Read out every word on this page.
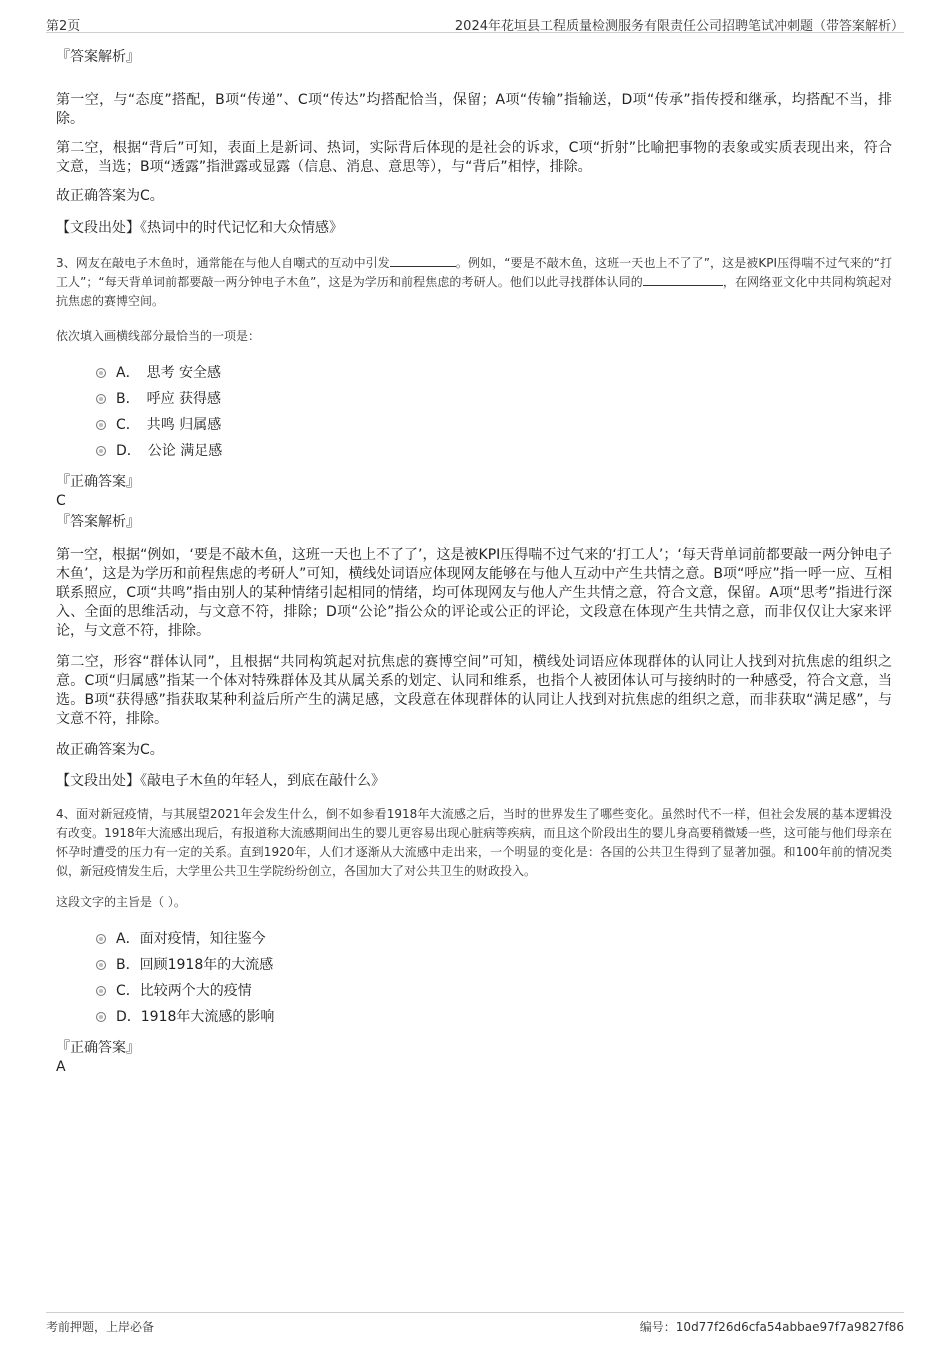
第2页	2024年花垣县工程质量检测服务有限责任公司招聘笔试冲刺题（带答案解析）
『答案解析』

第一空，与“态度”搭配，B项“传递”、C项“传达”均搭配恰当，保留；A项“传输”指输送，D项“传承”指传授和继承，均搭配不当，排除。

第二空，根据“背后”可知，表面上是新词、热词，实际背后体现的是社会的诉求，C项“折射”比喻把事物的表象或实质表现出来，符合文意，当选；B项“透露”指泄露或显露（信息、消息、意思等），与“背后”相悖，排除。

故正确答案为C。

【文段出处】《热词中的时代记忆和大众情感》

3、网友在敲电子木鱼时，通常能在与他人自嘲式的互动中引发	。例如，“要是不敲木鱼，这班一天也上不了了”，这是被KPI压得喘不过气来的“打工人”；“每天背单词前都要敲一两分钟电子木鱼”，这是为学历和前程焦虑的考研人。他们以此寻找群体认同的	，在网络亚文化中共同构筑起对抗焦虑的赛博空间。

依次填入画横线部分最恰当的一项是：

A．　思考 安全感
B．　呼应 获得感
C．　共鸣 归属感
D．　公论 满足感
『正确答案』
C
『答案解析』

第一空，根据“例如，‘要是不敲木鱼，这班一天也上不了了’，这是被KPI压得喘不过气来的‘打工人’；‘每天背单词前都要敲一两分钟电子木鱼’，这是为学历和前程焦虑的考研人”可知，横线处词语应体现网友能够在与他人互动中产生共情之意。B项“呼应”指一呼一应、互相联系照应，C项“共鸣”指由别人的某种情绪引起相同的情绪，均可体现网友与他人产生共情之意，符合文意，保留。A项“思考”指进行深入、全面的思维活动，与文意不符，排除；D项“公论”指公众的评论或公正的评论，文段意在体现产生共情之意，而非仅仅让大家来评论，与文意不符，排除。

第二空，形容“群体认同”，且根据“共同构筑起对抗焦虑的赛博空间”可知，横线处词语应体现群体的认同让人找到对抗焦虑的组织之意。C项“归属感”指某一个体对特殊群体及其从属关系的划定、认同和维系，也指个人被团体认可与接纳时的一种感受，符合文意，当选。B项“获得感”指获取某种利益后所产生的满足感，文段意在体现群体的认同让人找到对抗焦虑的组织之意，而非获取“满足感”，与文意不符，排除。

故正确答案为C。

【文段出处】《敲电子木鱼的年轻人，到底在敲什么》

4、面对新冠疫情，与其展望2021年会发生什么，倒不如参看1918年大流感之后，当时的世界发生了哪些变化。虽然时代不一样，但社会发展的基本逻辑没有改变。1918年大流感出现后，有报道称大流感期间出生的婴儿更容易出现心脏病等疾病，而且这个阶段出生的婴儿身高要稍微矮一些，这可能与他们母亲在怀孕时遭受的压力有一定的关系。直到1920年，人们才逐渐从大流感中走出来，一个明显的变化是：各国的公共卫生得到了显著加强。和100年前的情况类似，新冠疫情发生后，大学里公共卫生学院纷纷创立，各国加大了对公共卫生的财政投入。

这段文字的主旨是（ ）。

A．面对疫情，知往鉴今
B．回顾1918年的大流感
C．比较两个大的疫情
D．1918年大流感的影响
『正确答案』
A
考前押题，上岸必备	编号：10d77f26d6cfa54abbae97f7a9827f86
